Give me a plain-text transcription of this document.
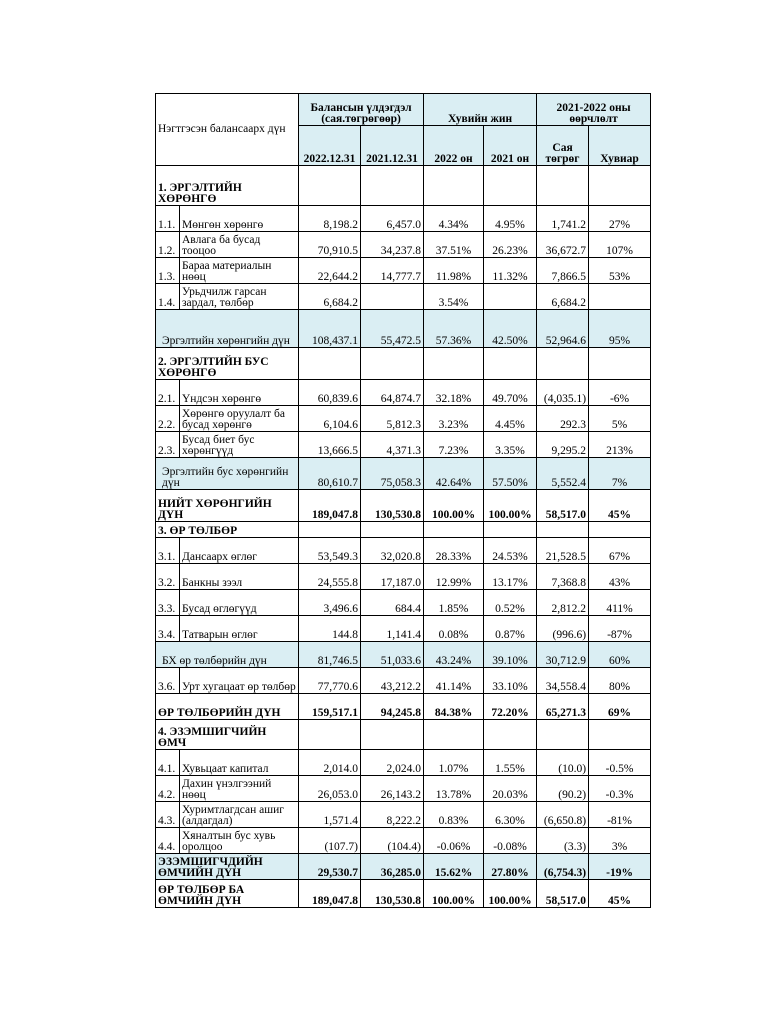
Нэгтгэсэн балансаарх дүн		Балансын үлдэгдэл (сая.төгрөгөөр)		Хувийн жин		2021-2022 оны өөрчлөлт	
		2022.12.31	2021.12.31	2022 он	2021 он	Сая төгрөг	Хувиар
1. ЭРГЭЛТИЙН ХӨРӨНГӨ							
1.1.	Мөнгөн хөрөнгө	8,198.2	6,457.0	4.34%	4.95%	1,741.2	27%
1.2.	Авлага ба бусад тооцоо	70,910.5	34,237.8	37.51%	26.23%	36,672.7	107%
1.3.	Бараа материалын нөөц	22,644.2	14,777.7	11.98%	11.32%	7,866.5	53%
1.4.	Урьдчилж гарсан зардал, төлбөр	6,684.2		3.54%		6,684.2	
Эргэлтийн хөрөнгийн дүн		108,437.1	55,472.5	57.36%	42.50%	52,964.6	95%
2. ЭРГЭЛТИЙН БУС ХӨРӨНГӨ							
2.1.	Үндсэн хөрөнгө	60,839.6	64,874.7	32.18%	49.70%	(4,035.1)	-6%
2.2.	Хөрөнгө оруулалт ба бусад хөрөнгө	6,104.6	5,812.3	3.23%	4.45%	292.3	5%
2.3.	Бусад биет бус хөрөнгүүд	13,666.5	4,371.3	7.23%	3.35%	9,295.2	213%
Эргэлтийн бус хөрөнгийн дүн		80,610.7	75,058.3	42.64%	57.50%	5,552.4	7%
НИЙТ ХӨРӨНГИЙН ДҮН		189,047.8	130,530.8	100.00%	100.00%	58,517.0	45%
3. ӨР ТӨЛБӨР							
3.1.	Дансаарх өглөг	53,549.3	32,020.8	28.33%	24.53%	21,528.5	67%
3.2.	Банкны зээл	24,555.8	17,187.0	12.99%	13.17%	7,368.8	43%
3.3.	Бусад өглөгүүд	3,496.6	684.4	1.85%	0.52%	2,812.2	411%
3.4.	Татварын өглөг	144.8	1,141.4	0.08%	0.87%	(996.6)	-87%
БХ өр төлбөрийн дүн		81,746.5	51,033.6	43.24%	39.10%	30,712.9	60%
3.6.	Урт хугацаат өр төлбөр	77,770.6	43,212.2	41.14%	33.10%	34,558.4	80%
ӨР ТӨЛБӨРИЙН ДҮН		159,517.1	94,245.8	84.38%	72.20%	65,271.3	69%
4. ЭЗЭМШИГЧИЙН ӨМЧ							
4.1.	Хувьцаат капитал	2,014.0	2,024.0	1.07%	1.55%	(10.0)	-0.5%
4.2.	Дахин үнэлгээний нөөц	26,053.0	26,143.2	13.78%	20.03%	(90.2)	-0.3%
4.3.	Хуримтлагдсан ашиг (алдагдал)	1,571.4	8,222.2	0.83%	6.30%	(6,650.8)	-81%
4.4.	Хяналтын бус хувь оролцоо	(107.7)	(104.4)	-0.06%	-0.08%	(3.3)	3%
ЭЗЭМШИГЧДИЙН ӨМЧИЙН ДҮН		29,530.7	36,285.0	15.62%	27.80%	(6,754.3)	-19%
ӨР ТӨЛБӨР БА ӨМЧИЙН ДҮН		189,047.8	130,530.8	100.00%	100.00%	58,517.0	45%
